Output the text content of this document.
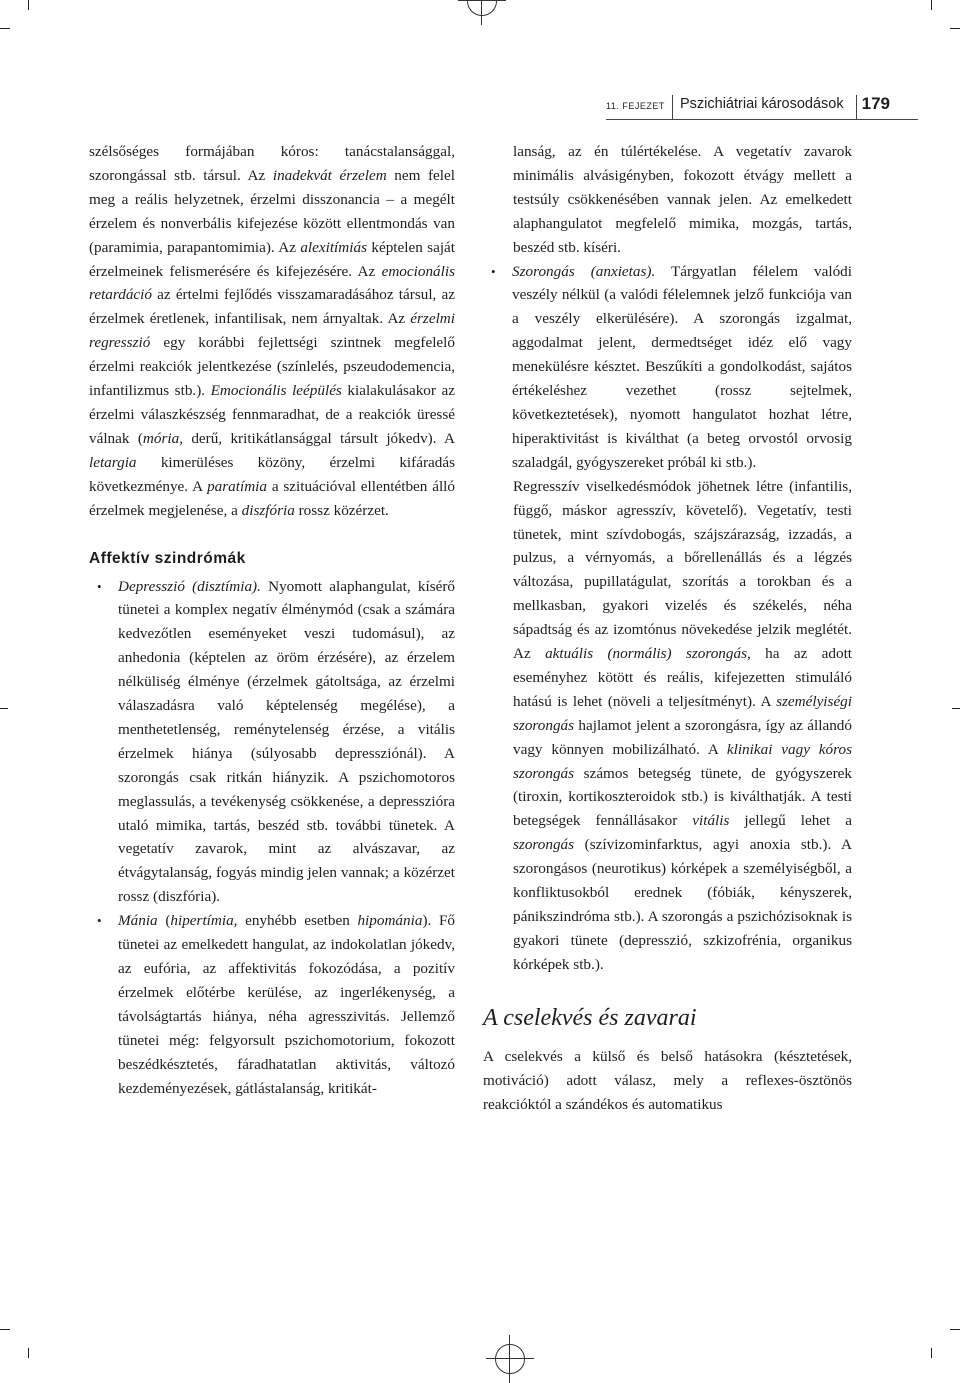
11. FEJEZET Pszichiátriai károsodások 179

szélsőséges formájában kóros: tanácstalansággal, szorongással stb. társul. Az inadekvát érzelem nem felel meg a reális helyzetnek, érzelmi disszonancia – a megélt érzelem és nonverbális kifejezése között ellentmondás van (paramimia, parapantomimia). Az alexitímiás képtelen saját érzelmeinek felismerésére és kifejezésére. Az emocionális retardáció az értelmi fejlődés visszamaradásához társul, az érzelmek éretlenek, infantilisak, nem árnyaltak. Az érzelmi regresszió egy korábbi fejlettségi szintnek megfelelő érzelmi reakciók jelentkezése (színlelés, pszeudodemencia, infantilizmus stb.). Emocionális leépülés kialakulásakor az érzelmi válaszkészség fennmaradhat, de a reakciók üressé válnak (mória, derű, kritikátlansággal társult jókedv). A letargia kimerüléses közöny, érzelmi kifáradás következménye. A paratímia a szituációval ellentétben álló érzelmek megjelenése, a diszfória rossz közérzet.

Affektív szindrómák
• Depresszió (disztímia). Nyomott alaphangulat, kísérő tünetei a komplex negatív élménymód (csak a számára kedvezőtlen eseményeket veszi tudomásul), az anhedonia (képtelen az öröm érzésére), az érzelem nélküliség élménye (érzelmek gátoltsága, az érzelmi válaszadásra való képtelenség megélése), a menthetetlenség, reménytelenség érzése, a vitális érzelmek hiánya (súlyosabb depressziónál). A szorongás csak ritkán hiányzik. A pszichomotoros meglassulás, a tevékenység csökkenése, a depresszióra utaló mimika, tartás, beszéd stb. további tünetek. A vegetatív zavarok, mint az alvászavar, az étvágytalanság, fogyás mindig jelen vannak; a közérzet rossz (diszfória).
• Mánia (hipertímia, enyhébb esetben hipománia). Fő tünetei az emelkedett hangulat, az indokolatlan jókedv, az eufória, az affektivitás fokozódása, a pozitív érzelmek előtérbe kerülése, az ingerlékenység, a távolságtartás hiánya, néha agresszivitás. Jellemző tünetei még: felgyorsult pszichomotorium, fokozott beszédkésztetés, fáradhatatlan aktivitás, változó kezdeményezések, gátlástalanság, kritikát-

lanság, az én túlértékelése. A vegetatív zavarok minimális alvásigényben, fokozott étvágy mellett a testsúly csökkenésében vannak jelen. Az emelkedett alaphangulatot megfelelő mimika, mozgás, tartás, beszéd stb. kíséri.

• Szorongás (anxietas). Tárgyatlan félelem valódi veszély nélkül (a valódi félelemnek jelző funkciója van a veszély elkerülésére). A szorongás izgalmat, aggodalmat jelent, dermedtséget idéz elő vagy menekülésre késztet. Beszűkíti a gondolkodást, sajátos értékeléshez vezethet (rossz sejtelmek, következtetések), nyomott hangulatot hozhat létre, hiperaktivitást is kiválthat (a beteg orvostól orvosig szaladgál, gyógyszereket próbál ki stb.).

Regresszív viselkedésmódok jöhetnek létre (infantilis, függő, máskor agresszív, követelő). Vegetatív, testi tünetek, mint szívdobogás, szájszárazság, izzadás, a pulzus, a vérnyomás, a bőrellenállás és a légzés változása, pupillatágulat, szorítás a torokban és a mellkasban, gyakori vizelés és székelés, néha sápadtság és az izomtónus növekedése jelzik meglétét. Az aktuális (normális) szorongás, ha az adott eseményhez kötött és reális, kifejezetten stimuláló hatású is lehet (növeli a teljesítményt). A személyiségi szorongás hajlamot jelent a szorongásra, így az állandó vagy könnyen mobilizálható. A klinikai vagy kóros szorongás számos betegség tünete, de gyógyszerek (tiroxin, kortikoszteroidok stb.) is kiválthatják. A testi betegségek fennállásakor vitális jellegű lehet a szorongás (szívizominfarktus, agyi anoxia stb.). A szorongásos (neurotikus) kórképek a személyiségből, a konfliktusokból erednek (fóbiák, kényszerek, pánikszindróma stb.). A szorongás a pszichózisoknak is gyakori tünete (depresszió, szkizofrénia, organikus kórképek stb.).

A cselekvés és zavarai

A cselekvés a külső és belső hatásokra (késztetések, motiváció) adott válasz, mely a reflexes-ösztönös reakcióktól a szándékos és automatikus
